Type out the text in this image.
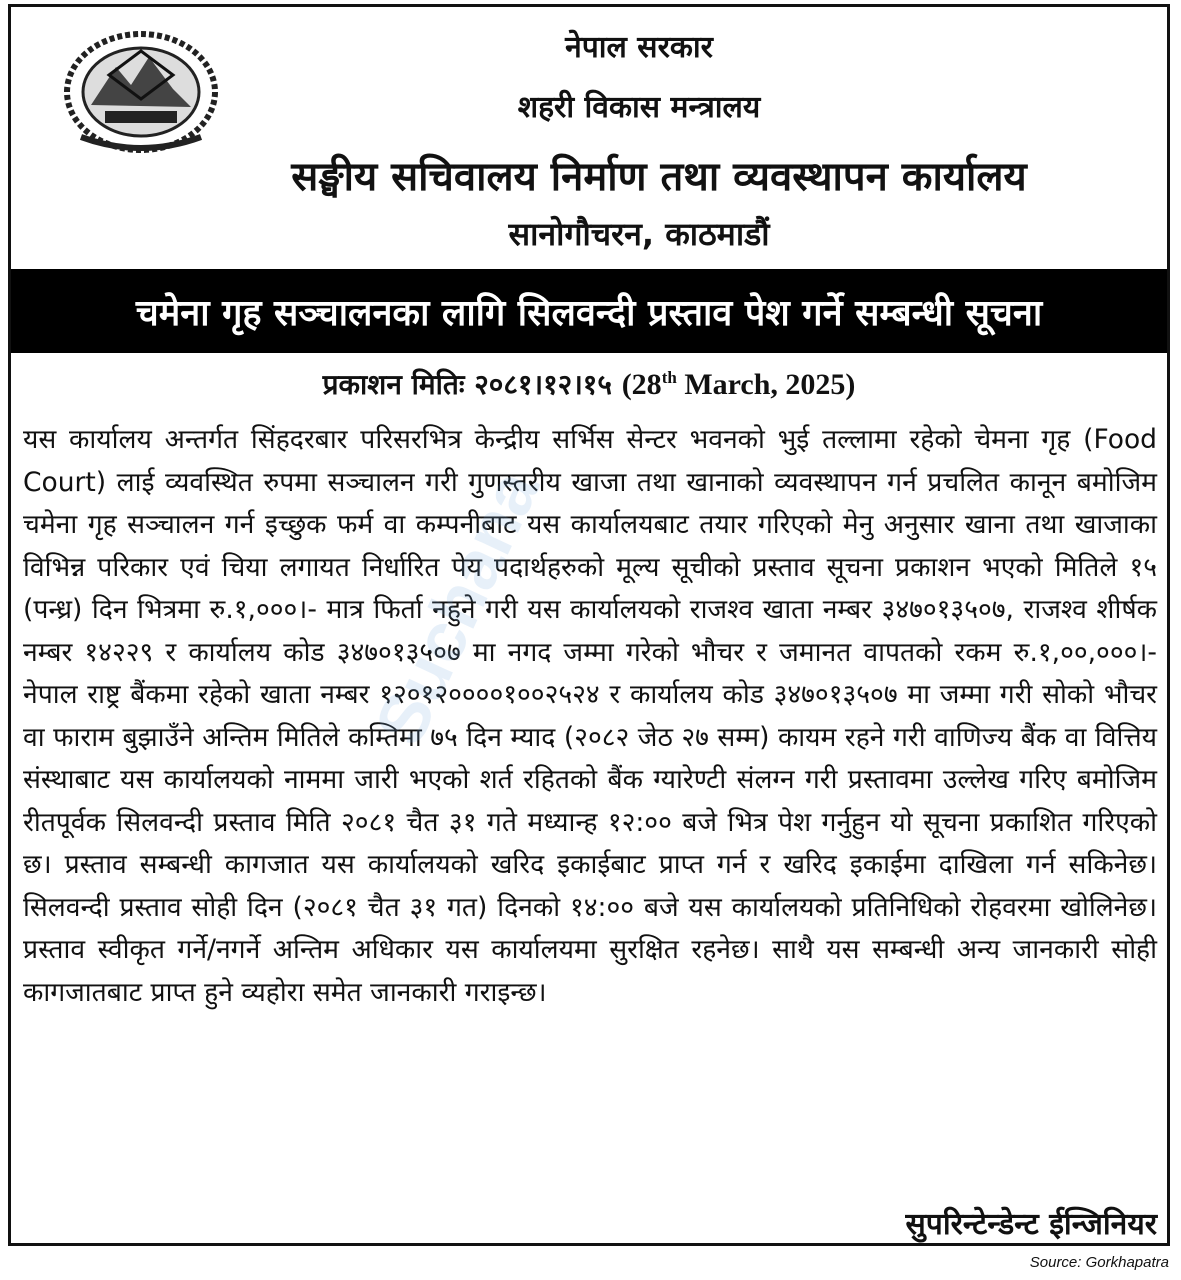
नेपाल सरकार
शहरी विकास मन्त्रालय
सङ्घीय सचिवालय निर्माण तथा व्यवस्थापन कार्यालय
सानोगौचरन, काठमाडौं
चमेना गृह सञ्चालनका लागि सिलवन्दी प्रस्ताव पेश गर्ने सम्बन्धी सूचना
प्रकाशन मितिः २०८१।१२।१५ (28th March, 2025)

यस कार्यालय अन्तर्गत सिंहदरबार परिसरभित्र केन्द्रीय सर्भिस सेन्टर भवनको भुई तल्लामा रहेको चेमना गृह (Food Court) लाई व्यवस्थित रुपमा सञ्चालन गरी गुणस्तरीय खाजा तथा खानाको व्यवस्थापन गर्न प्रचलित कानून बमोजिम चमेना गृह सञ्चालन गर्न इच्छुक फर्म वा कम्पनीबाट यस कार्यालयबाट तयार गरिएको मेनु अनुसार खाना तथा खाजाका विभिन्न परिकार एवं चिया लगायत निर्धारित पेय पदार्थहरुको मूल्य सूचीको प्रस्ताव सूचना प्रकाशन भएको मितिले १५ (पन्ध्र) दिन भित्रमा रु.१,०००।- मात्र फिर्ता नहुने गरी यस कार्यालयको राजश्व खाता नम्बर ३४७०१३५०७, राजश्व शीर्षक नम्बर १४२२९ र कार्यालय कोड ३४७०१३५०७ मा नगद जम्मा गरेको भौचर र जमानत वापतको रकम रु.१,००,०००।- नेपाल राष्ट्र बैंकमा रहेको खाता नम्बर १२०१२००००१००२५२४ र कार्यालय कोड ३४७०१३५०७ मा जम्मा गरी सोको भौचर वा फाराम बुझाउँने अन्तिम मितिले कम्तिमा ७५ दिन म्याद (२०८२ जेठ २७ सम्म) कायम रहने गरी वाणिज्य बैंक वा वित्तिय संस्थाबाट यस कार्यालयको नाममा जारी भएको शर्त रहितको बैंक ग्यारेण्टी संलग्न गरी प्रस्तावमा उल्लेख गरिए बमोजिम रीतपूर्वक सिलवन्दी प्रस्ताव मिति २०८१ चैत ३१ गते मध्यान्ह १२:०० बजे भित्र पेश गर्नुहुन यो सूचना प्रकाशित गरिएको छ। प्रस्ताव सम्बन्धी कागजात यस कार्यालयको खरिद इकाईबाट प्राप्त गर्न र खरिद इकाईमा दाखिला गर्न सकिनेछ। सिलवन्दी प्रस्ताव सोही दिन (२०८१ चैत ३१ गत) दिनको १४:०० बजे यस कार्यालयको प्रतिनिधिको रोहवरमा खोलिनेछ। प्रस्ताव स्वीकृत गर्ने/नगर्ने अन्तिम अधिकार यस कार्यालयमा सुरक्षित रहनेछ। साथै यस सम्बन्धी अन्य जानकारी सोही कागजातबाट प्राप्त हुने व्यहोरा समेत जानकारी गराइन्छ।

सुपरिन्टेन्डेन्ट ईन्जिनियर
Suchana
Source: Gorkhapatra
